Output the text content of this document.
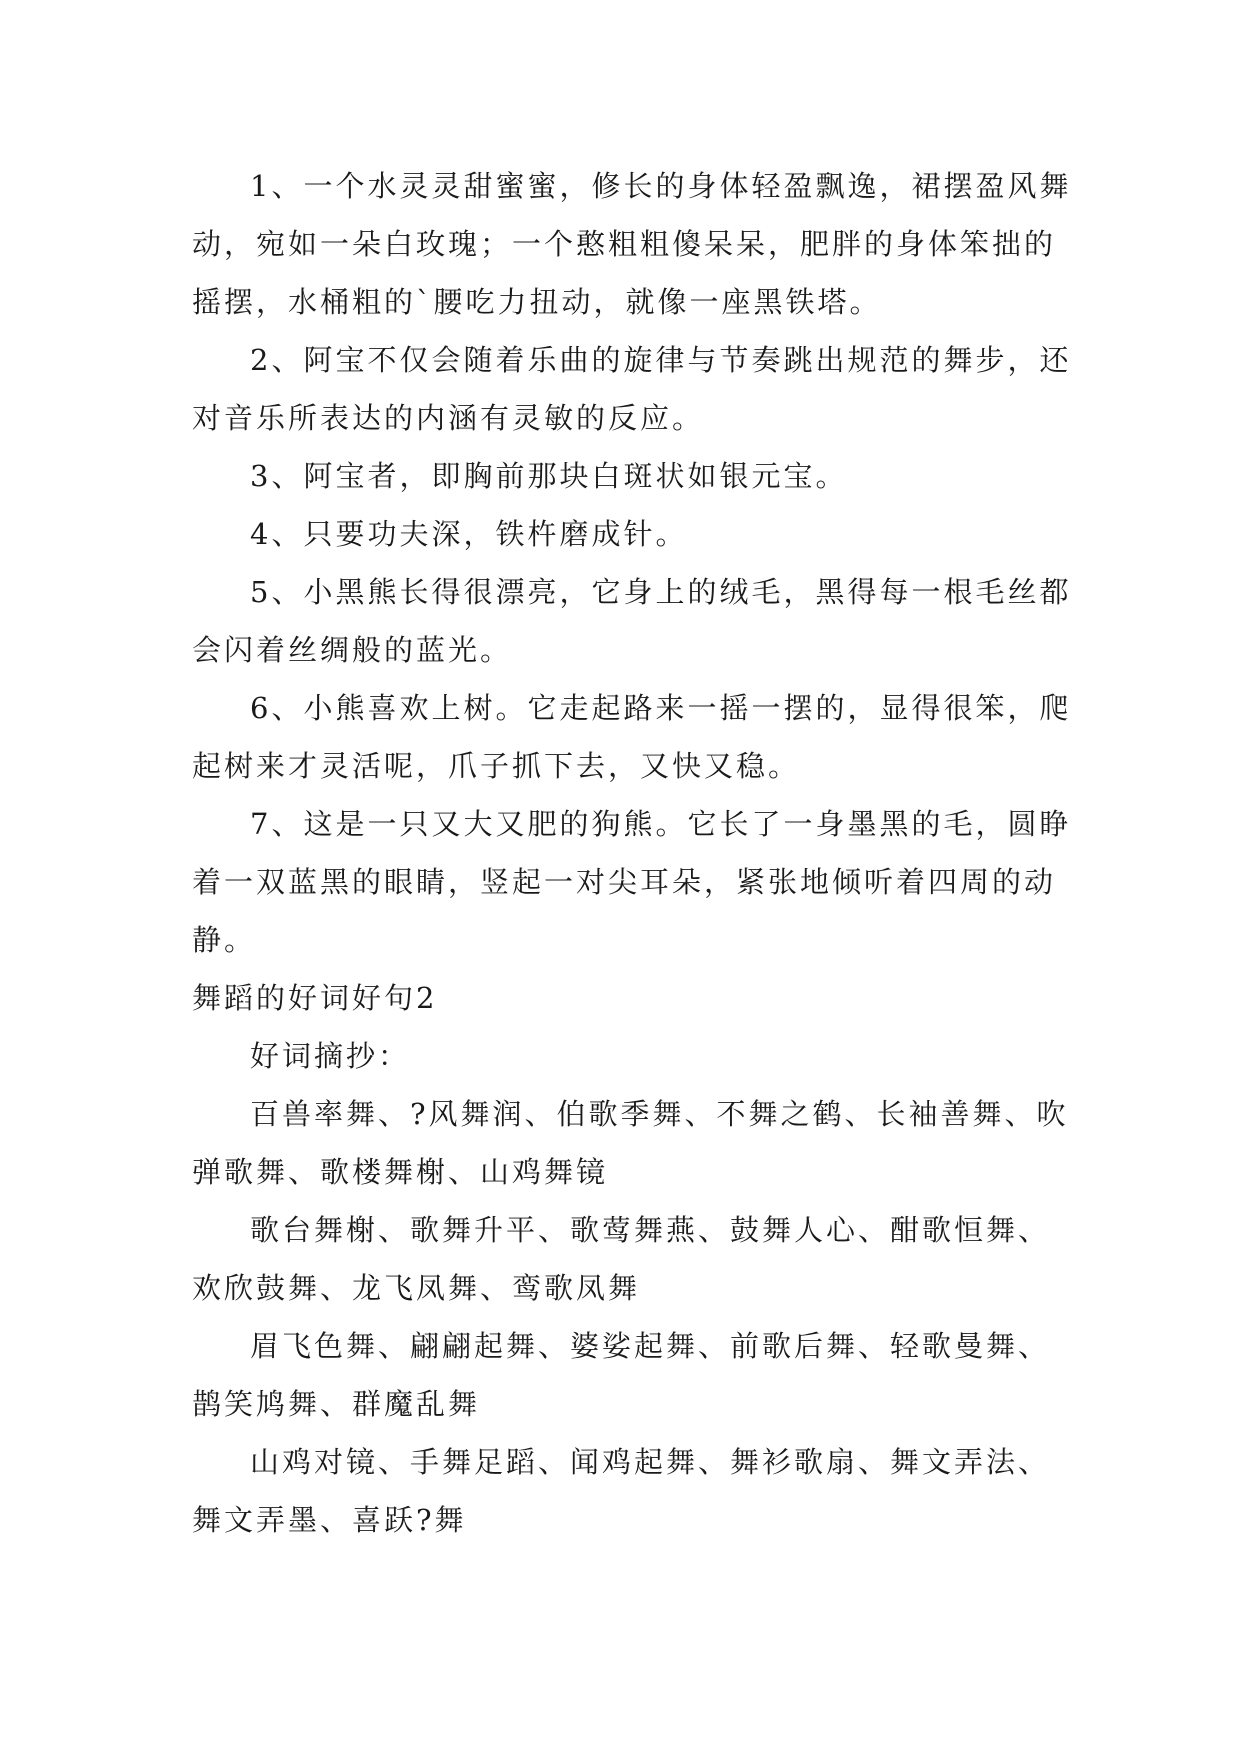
1、一个水灵灵甜蜜蜜，修长的身体轻盈飘逸，裙摆盈风舞动，宛如一朵白玫瑰；一个憨粗粗傻呆呆，肥胖的身体笨拙的摇摆，水桶粗的`腰吃力扭动，就像一座黑铁塔。

2、阿宝不仅会随着乐曲的旋律与节奏跳出规范的舞步，还对音乐所表达的内涵有灵敏的反应。

3、阿宝者，即胸前那块白斑状如银元宝。

4、只要功夫深，铁杵磨成针。

5、小黑熊长得很漂亮，它身上的绒毛，黑得每一根毛丝都会闪着丝绸般的蓝光。

6、小熊喜欢上树。它走起路来一摇一摆的，显得很笨，爬起树来才灵活呢，爪子抓下去，又快又稳。

7、这是一只又大又肥的狗熊。它长了一身墨黑的毛，圆睁着一双蓝黑的眼睛，竖起一对尖耳朵，紧张地倾听着四周的动静。

舞蹈的好词好句2

好词摘抄：

百兽率舞、?风舞润、伯歌季舞、不舞之鹤、长袖善舞、吹弹歌舞、歌楼舞榭、山鸡舞镜

歌台舞榭、歌舞升平、歌莺舞燕、鼓舞人心、酣歌恒舞、欢欣鼓舞、龙飞凤舞、鸾歌凤舞

眉飞色舞、翩翩起舞、婆娑起舞、前歌后舞、轻歌曼舞、鹊笑鸠舞、群魔乱舞

山鸡对镜、手舞足蹈、闻鸡起舞、舞衫歌扇、舞文弄法、舞文弄墨、喜跃?舞
